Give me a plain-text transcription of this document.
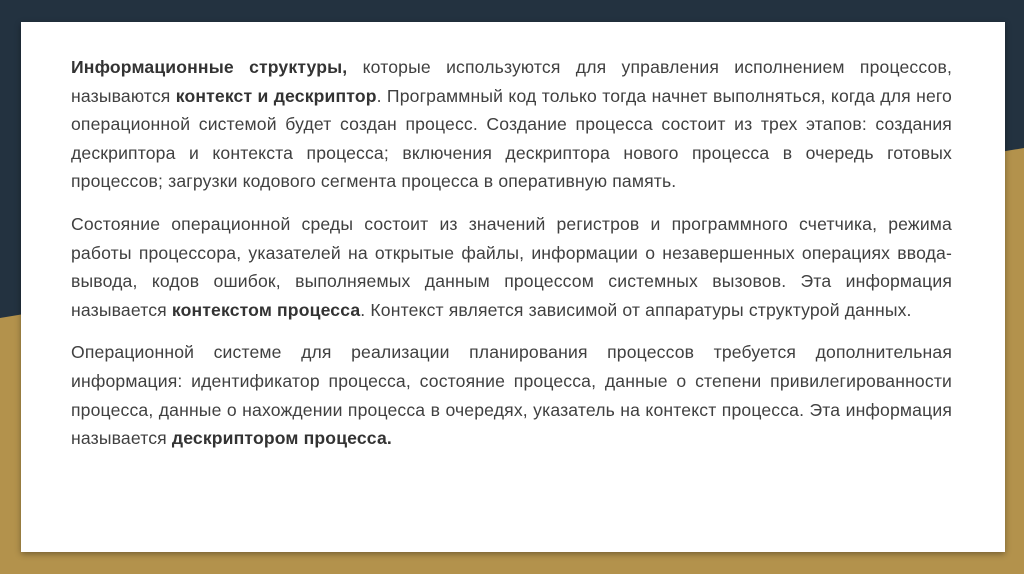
Информационные структуры, которые используются для управления исполнением процессов, называются контекст и дескриптор. Программный код только тогда начнет выполняться, когда для него операционной системой будет создан процесс. Создание процесса состоит из трех этапов: создания дескриптора и контекста процесса; включения дескриптора нового процесса в очередь готовых процессов; загрузки кодового сегмента процесса в оперативную память.

Состояние операционной среды состоит из значений регистров и программного счетчика, режима работы процессора, указателей на открытые файлы, информации о незавершенных операциях ввода-вывода, кодов ошибок, выполняемых данным процессом системных вызовов. Эта информация называется контекстом процесса. Контекст является зависимой от аппаратуры структурой данных.

Операционной системе для реализации планирования процессов требуется дополнительная информация: идентификатор процесса, состояние процесса, данные о степени привилегированности процесса, данные о нахождении процесса в очередях, указатель на контекст процесса. Эта информация называется дескриптором процесса.
